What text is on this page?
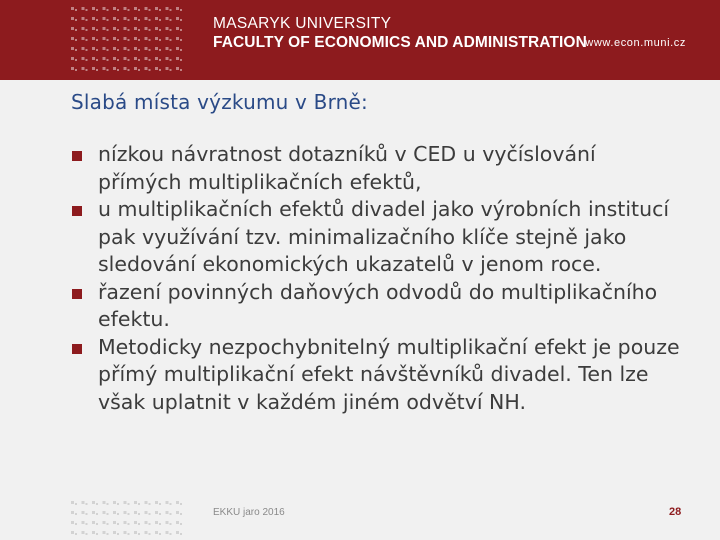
MASARYK UNIVERSITY
FACULTY OF ECONOMICS AND ADMINISTRATION
www.econ.muni.cz
Slabá místa výzkumu v Brně:
nízkou návratnost dotazníků v CED u vyčíslování přímých multiplikačních efektů,
u multiplikačních efektů divadel jako výrobních institucí pak využívání tzv. minimalizačního klíče stejně jako sledování ekonomických ukazatelů v jenom roce.
řazení povinných daňových odvodů do multiplikačního efektu.
Metodicky nezpochybnitelný multiplikační efekt je pouze přímý multiplikační efekt návštěvníků divadel. Ten lze však uplatnit v každém jiném odvětví NH.
EKKU jaro 2016	28
